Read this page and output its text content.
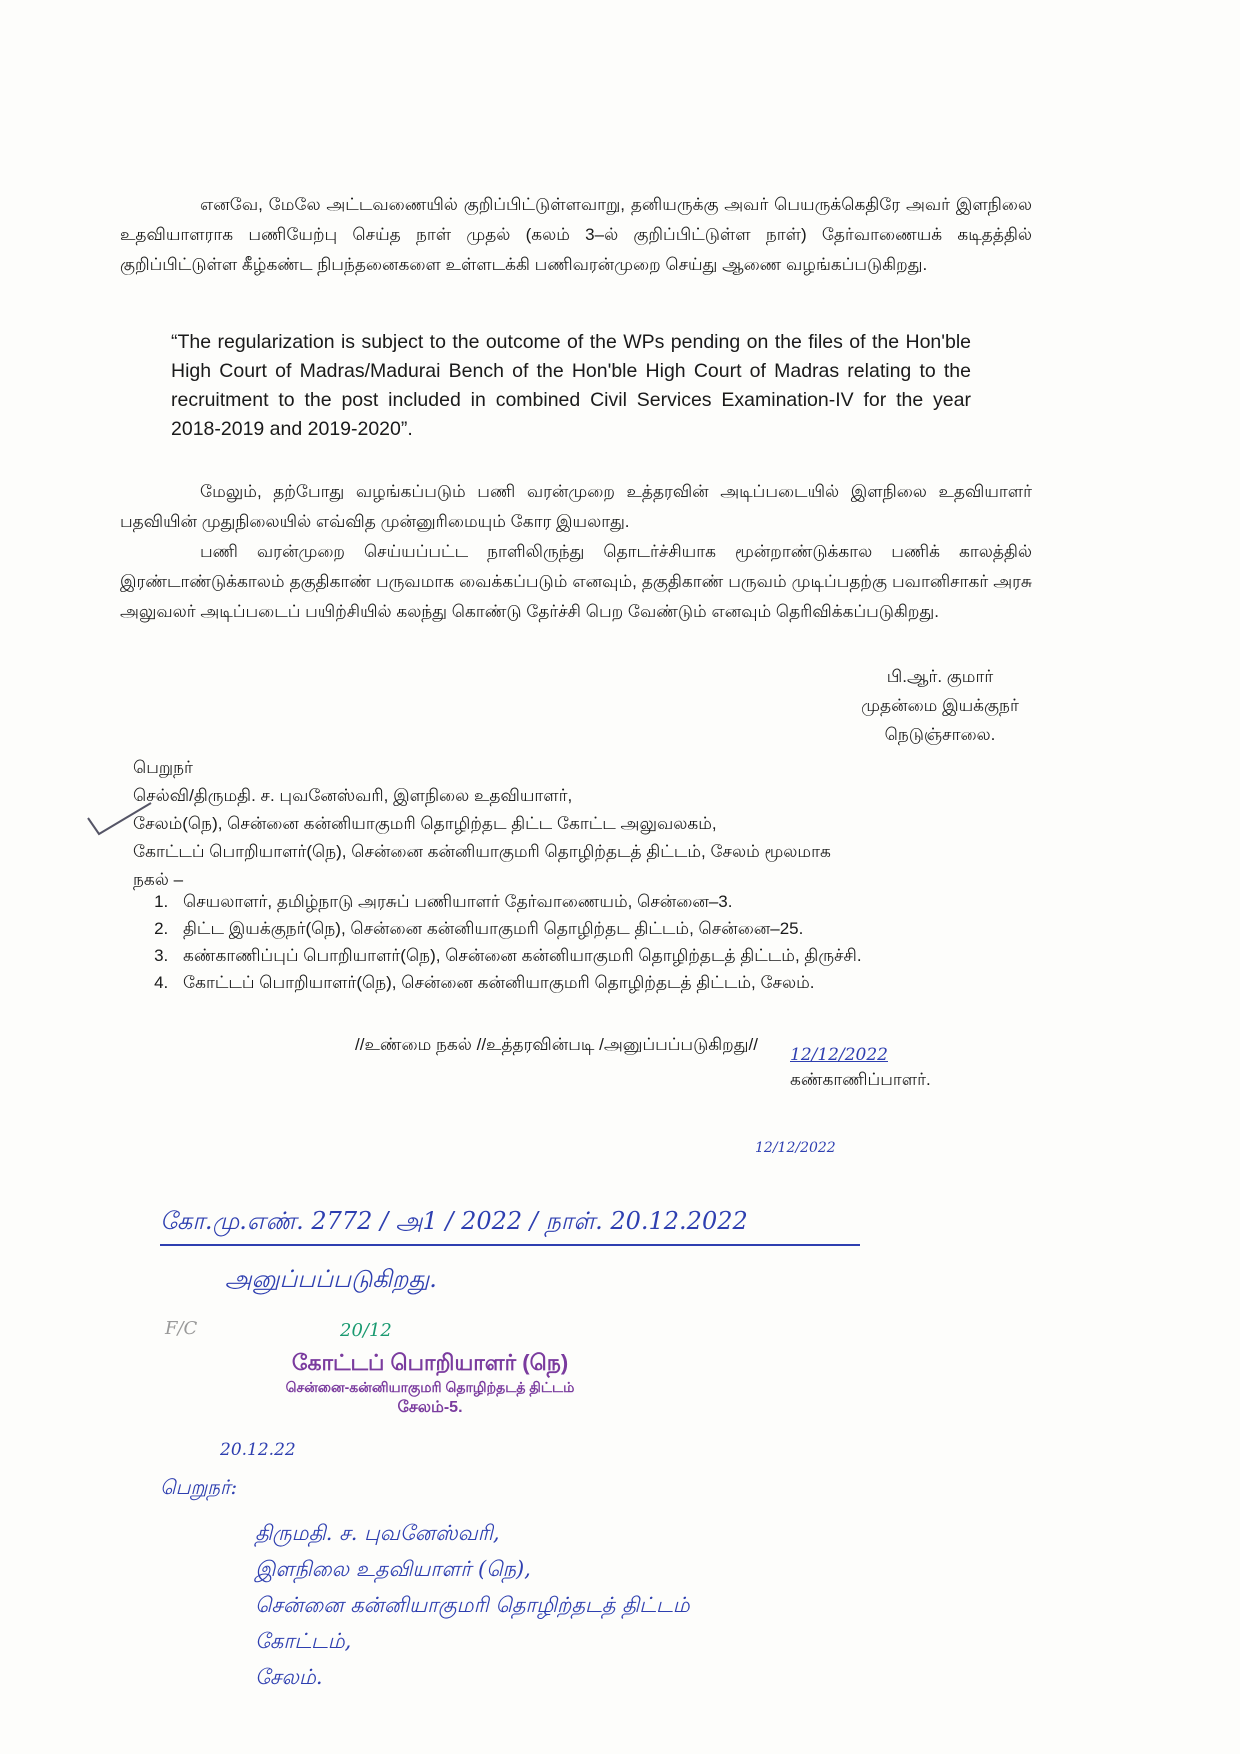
எனவே, மேலே அட்டவணையில் குறிப்பிட்டுள்ளவாறு, தனியருக்கு அவர் பெயருக்கெதிரே அவர் இளநிலை உதவியாளராக பணியேற்பு செய்த நாள் முதல் (கலம் 3–ல் குறிப்பிட்டுள்ள நாள்) தேர்வாணையக் கடிதத்தில் குறிப்பிட்டுள்ள கீழ்கண்ட நிபந்தனைகளை உள்ளடக்கி பணிவரன்முறை செய்து ஆணை வழங்கப்படுகிறது.
“The regularization is subject to the outcome of the WPs pending on the files of the Hon'ble High Court of Madras/Madurai Bench of the Hon'ble High Court of Madras relating to the recruitment to the post included in combined Civil Services Examination-IV for the year 2018-2019 and 2019-2020”.
மேலும், தற்போது வழங்கப்படும் பணி வரன்முறை உத்தரவின் அடிப்படையில் இளநிலை உதவியாளர் பதவியின் முதுநிலையில் எவ்வித முன்னுரிமையும் கோர இயலாது.
பணி வரன்முறை செய்யப்பட்ட நாளிலிருந்து தொடர்ச்சியாக மூன்றாண்டுக்கால பணிக் காலத்தில் இரண்டாண்டுக்காலம் தகுதிகாண் பருவமாக வைக்கப்படும் எனவும், தகுதிகாண் பருவம் முடிப்பதற்கு பவானிசாகர் அரசு அலுவலர் அடிப்படைப் பயிற்சியில் கலந்து கொண்டு தேர்ச்சி பெற வேண்டும் எனவும் தெரிவிக்கப்படுகிறது.
பி.ஆர். குமார்
முதன்மை இயக்குநர்
நெடுஞ்சாலை.
பெறுநர்
செல்வி/திருமதி. ச. புவனேஸ்வரி, இளநிலை உதவியாளர்,
சேலம்(நெ), சென்னை கன்னியாகுமரி தொழிற்தட திட்ட கோட்ட அலுவலகம்,
கோட்டப் பொறியாளர்(நெ), சென்னை கன்னியாகுமரி தொழிற்தடத் திட்டம், சேலம் மூலமாக
நகல் –
1. செயலாளர், தமிழ்நாடு அரசுப் பணியாளர் தேர்வாணையம், சென்னை–3.
2. திட்ட இயக்குநர்(நெ), சென்னை கன்னியாகுமரி தொழிற்தட திட்டம், சென்னை–25.
3. கண்காணிப்புப் பொறியாளர்(நெ), சென்னை கன்னியாகுமரி தொழிற்தடத் திட்டம், திருச்சி.
4. கோட்டப் பொறியாளர்(நெ), சென்னை கன்னியாகுமரி தொழிற்தடத் திட்டம், சேலம்.
//உண்மை நகல் //உத்தரவின்படி /அனுப்பப்படுகிறது//
12/12/2022
கண்காணிப்பாளர்.
12/12/2022
கோ.மு.எண். 2772 / அ1 / 2022 / நாள். 20.12.2022
அனுப்பப்படுகிறது.
F/C	20/12
கோட்டப் பொறியாளர் (நெ)
சென்னை-கன்னியாகுமரி தொழிற்தடத் திட்டம்
சேலம்-5.
20.12.22
பெறுநர்:
திருமதி. ச. புவனேஸ்வரி,
இளநிலை உதவியாளர் (நெ),
சென்னை கன்னியாகுமரி தொழிற்தடத் திட்டம்
கோட்டம்,
சேலம்.
